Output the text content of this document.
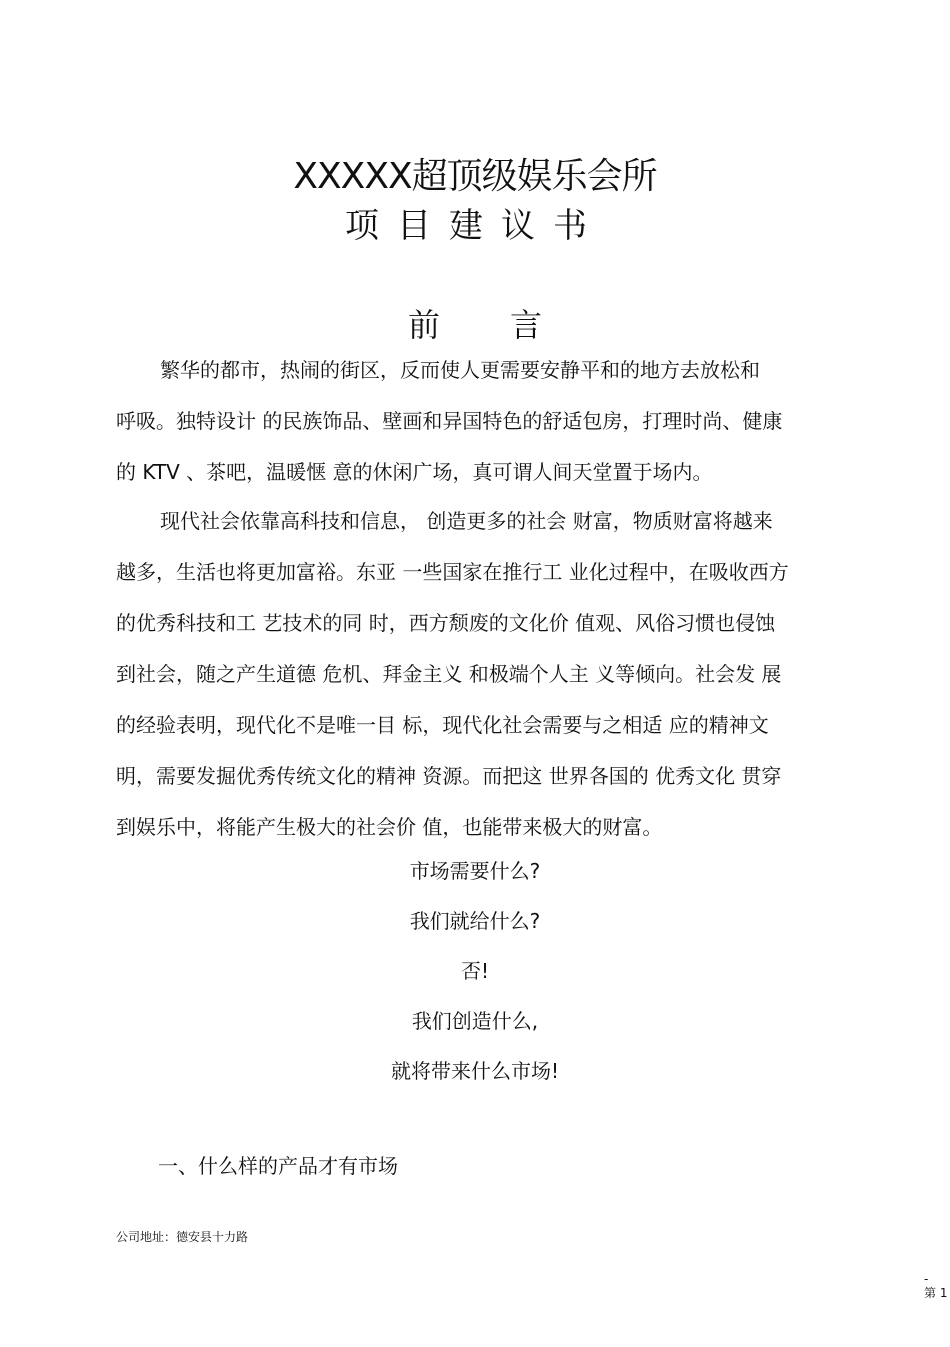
XXXXX超顶级娱乐会所
项目建议书
前言
繁华的都市，热闹的街区，反而使人更需要安静平和的地方去放松和
呼吸。独特设计 的民族饰品、壁画和异国特色的舒适包房，打理时尚、健康
的 KTV 、茶吧，温暖惬 意的休闲广场，真可谓人间天堂置于场内。
现代社会依靠高科技和信息， 创造更多的社会 财富，物质财富将越来
越多，生活也将更加富裕。东亚 一些国家在推行工 业化过程中，在吸收西方
的优秀科技和工 艺技术的同 时，西方颓废的文化价 值观、风俗习惯也侵蚀
到社会，随之产生道德 危机、拜金主义 和极端个人主 义等倾向。社会发 展
的经验表明，现代化不是唯一目 标，现代化社会需要与之相适 应的精神文
明，需要发掘优秀传统文化的精神 资源。而把这 世界各国的 优秀文化 贯穿
到娱乐中，将能产生极大的社会价 值，也能带来极大的财富。
市场需要什么?
我们就给什么?
否!
我们创造什么,
就将带来什么市场!
一、什么样的产品才有市场
公司地址：德安县十力路
-
第 1
